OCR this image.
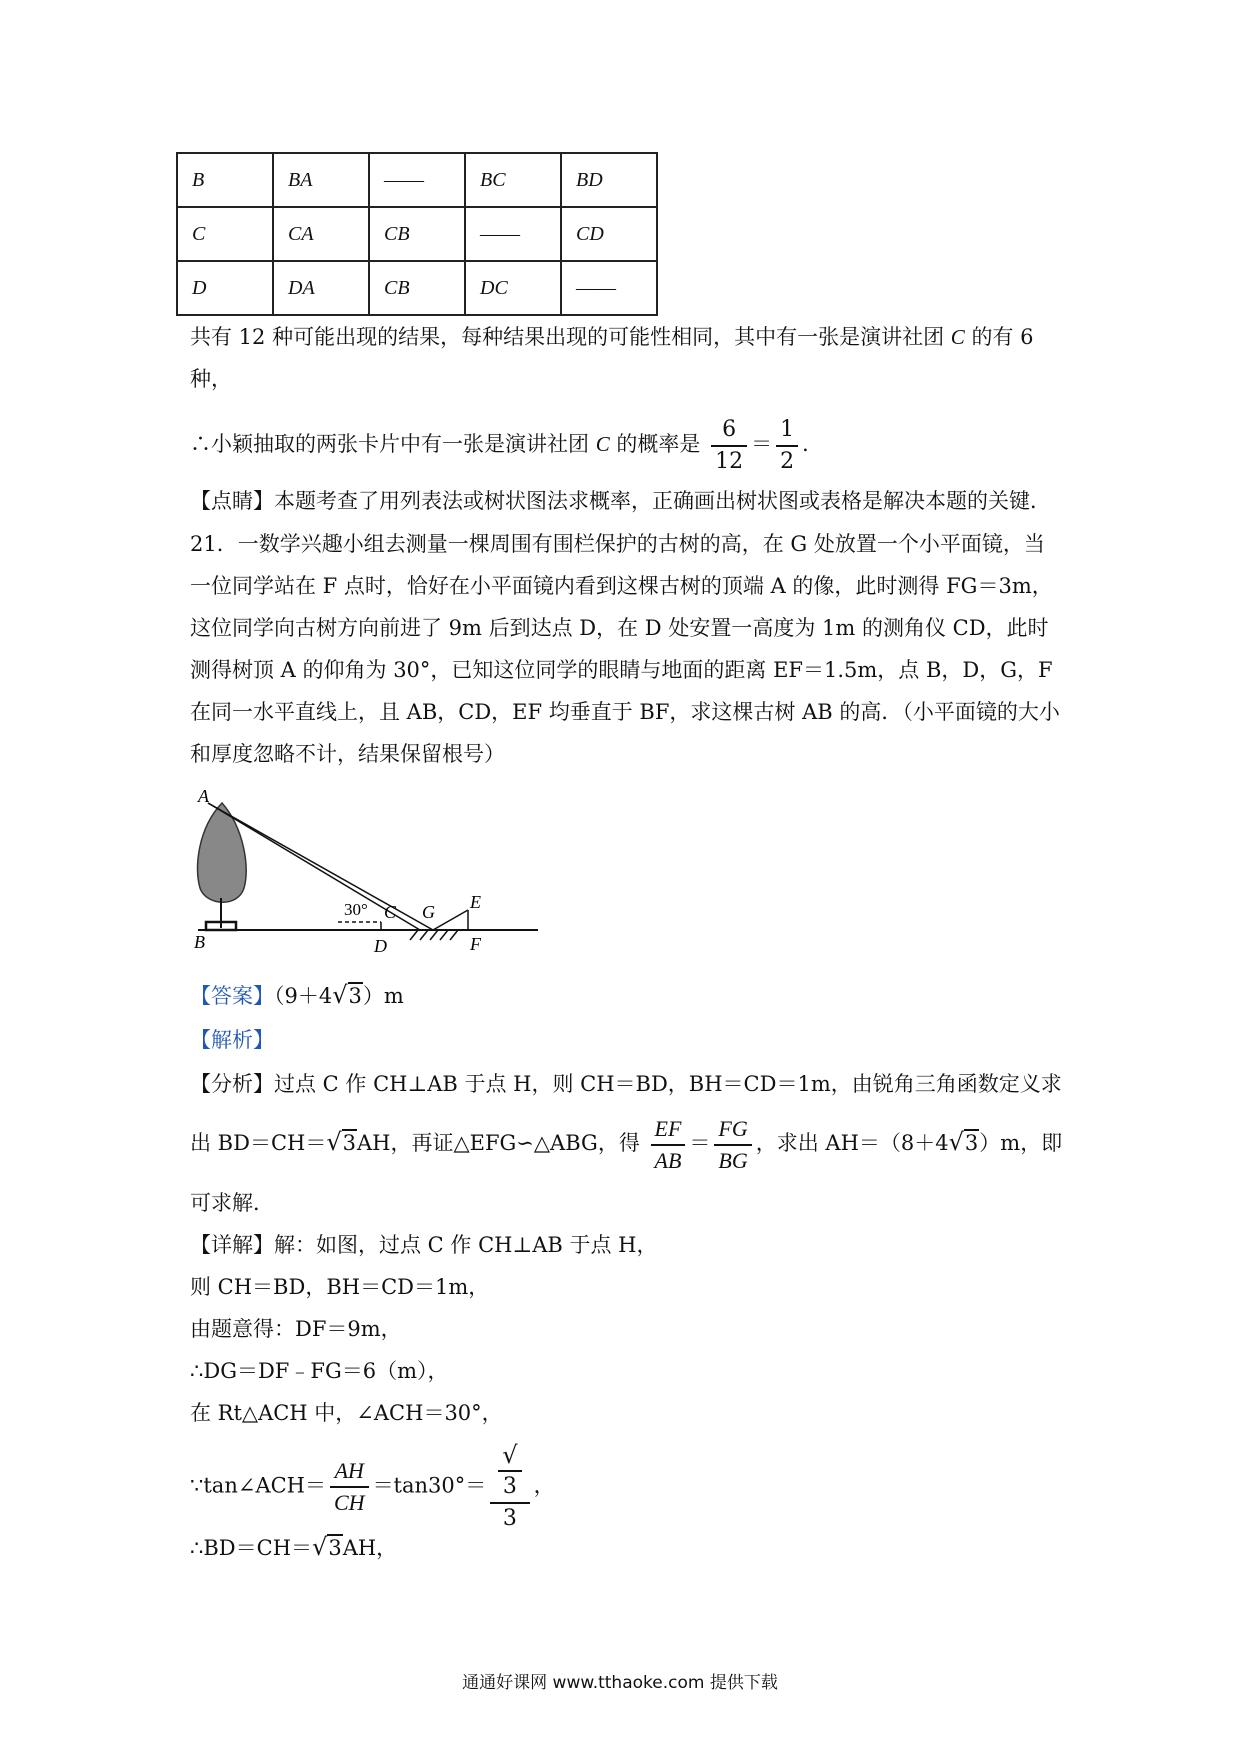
B	BA	——	BC	BD
C	CA	CB	——	CD
D	DA	CB	DC	——
共有 12 种可能出现的结果，每种结果出现的可能性相同，其中有一张是演讲社团 C 的有 6
种，
∴小颖抽取的两张卡片中有一张是演讲社团 C 的概率是 $\frac{6}{12} = \frac{1}{2}$ ．
【点睛】本题考查了用列表法或树状图法求概率，正确画出树状图或表格是解决本题的关键．
21．一数学兴趣小组去测量一棵周围有围栏保护的古树的高，在 G 处放置一个小平面镜，当
一位同学站在 F 点时，恰好在小平面镜内看到这棵古树的顶端 A 的像，此时测得 FG＝3m，
这位同学向古树方向前进了 9m 后到达点 D，在 D 处安置一高度为 1m 的测角仪 CD，此时
测得树顶 A 的仰角为 30°，已知这位同学的眼睛与地面的距离 EF＝1.5m，点 B，D，G，F
在同一水平直线上，且 AB，CD，EF 均垂直于 BF，求这棵古树 AB 的高．（小平面镜的大小
和厚度忽略不计，结果保留根号）
A
B
C
D
G E
F
30°
【答案】（9＋4√3）m
【解析】
【分析】过点 C 作 CH⊥AB 于点 H，则 CH＝BD，BH＝CD＝1m，由锐角三角函数定义求
出 BD＝CH＝√3AH，再证△EFG∽△ABG，得 $\frac{EF}{AB} = \frac{FG}{BG}$ ，求出 AH＝（8＋4√3）m，即
可求解．
【详解】解：如图，过点 C 作 CH⊥AB 于点 H，
则 CH＝BD，BH＝CD＝1m，
由题意得：DF＝9m，
∴DG＝DF﹣FG＝6（m），
在 Rt△ACH 中，∠ACH＝30°，
∵tan∠ACH＝ $\frac{AH}{CH} =\tan 30^\circ=$ √
3
3 ，
∴BD＝CH＝√3AH，
通通好课网 www.tthaoke.com 提供下载
